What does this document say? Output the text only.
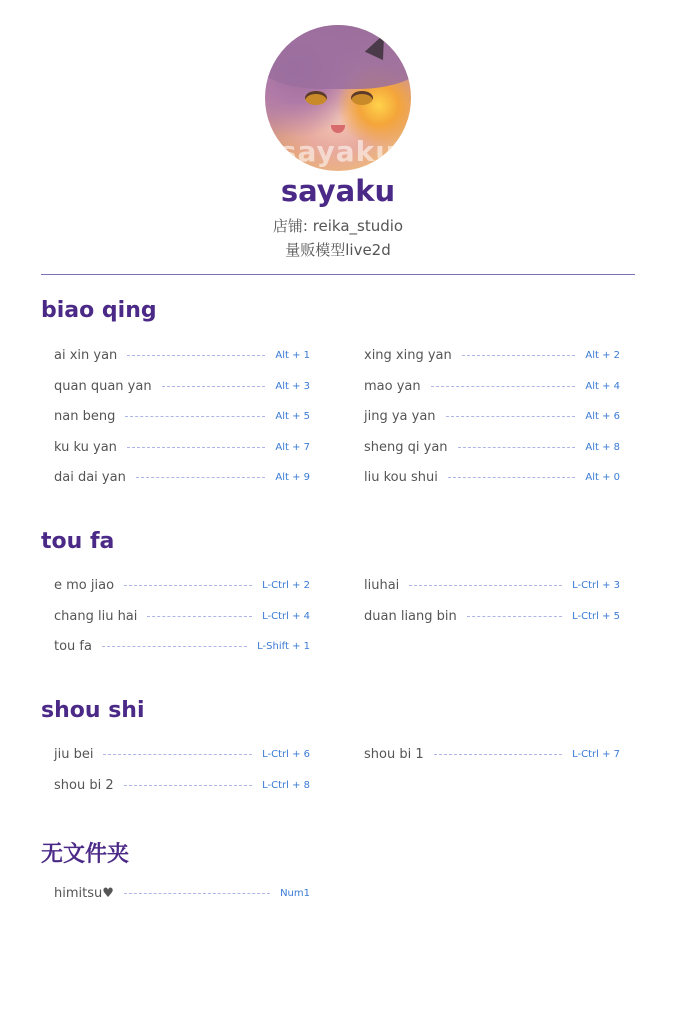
sayaku
sayaku
店铺: reika_studio
量贩模型live2d
biao qing
ai xin yan	Alt + 1	xing xing yan	Alt + 2
quan quan yan	Alt + 3	mao yan	Alt + 4
nan beng	Alt + 5	jing ya yan	Alt + 6
ku ku yan	Alt + 7	sheng qi yan	Alt + 8
dai dai yan	Alt + 9	liu kou shui	Alt + 0
tou fa
e mo jiao	L-Ctrl + 2	liuhai	L-Ctrl + 3
chang liu hai	L-Ctrl + 4	duan liang bin	L-Ctrl + 5
tou fa	L-Shift + 1
shou shi
jiu bei	L-Ctrl + 6	shou bi 1	L-Ctrl + 7
shou bi 2	L-Ctrl + 8
无文件夹
himitsu♥	Num1
